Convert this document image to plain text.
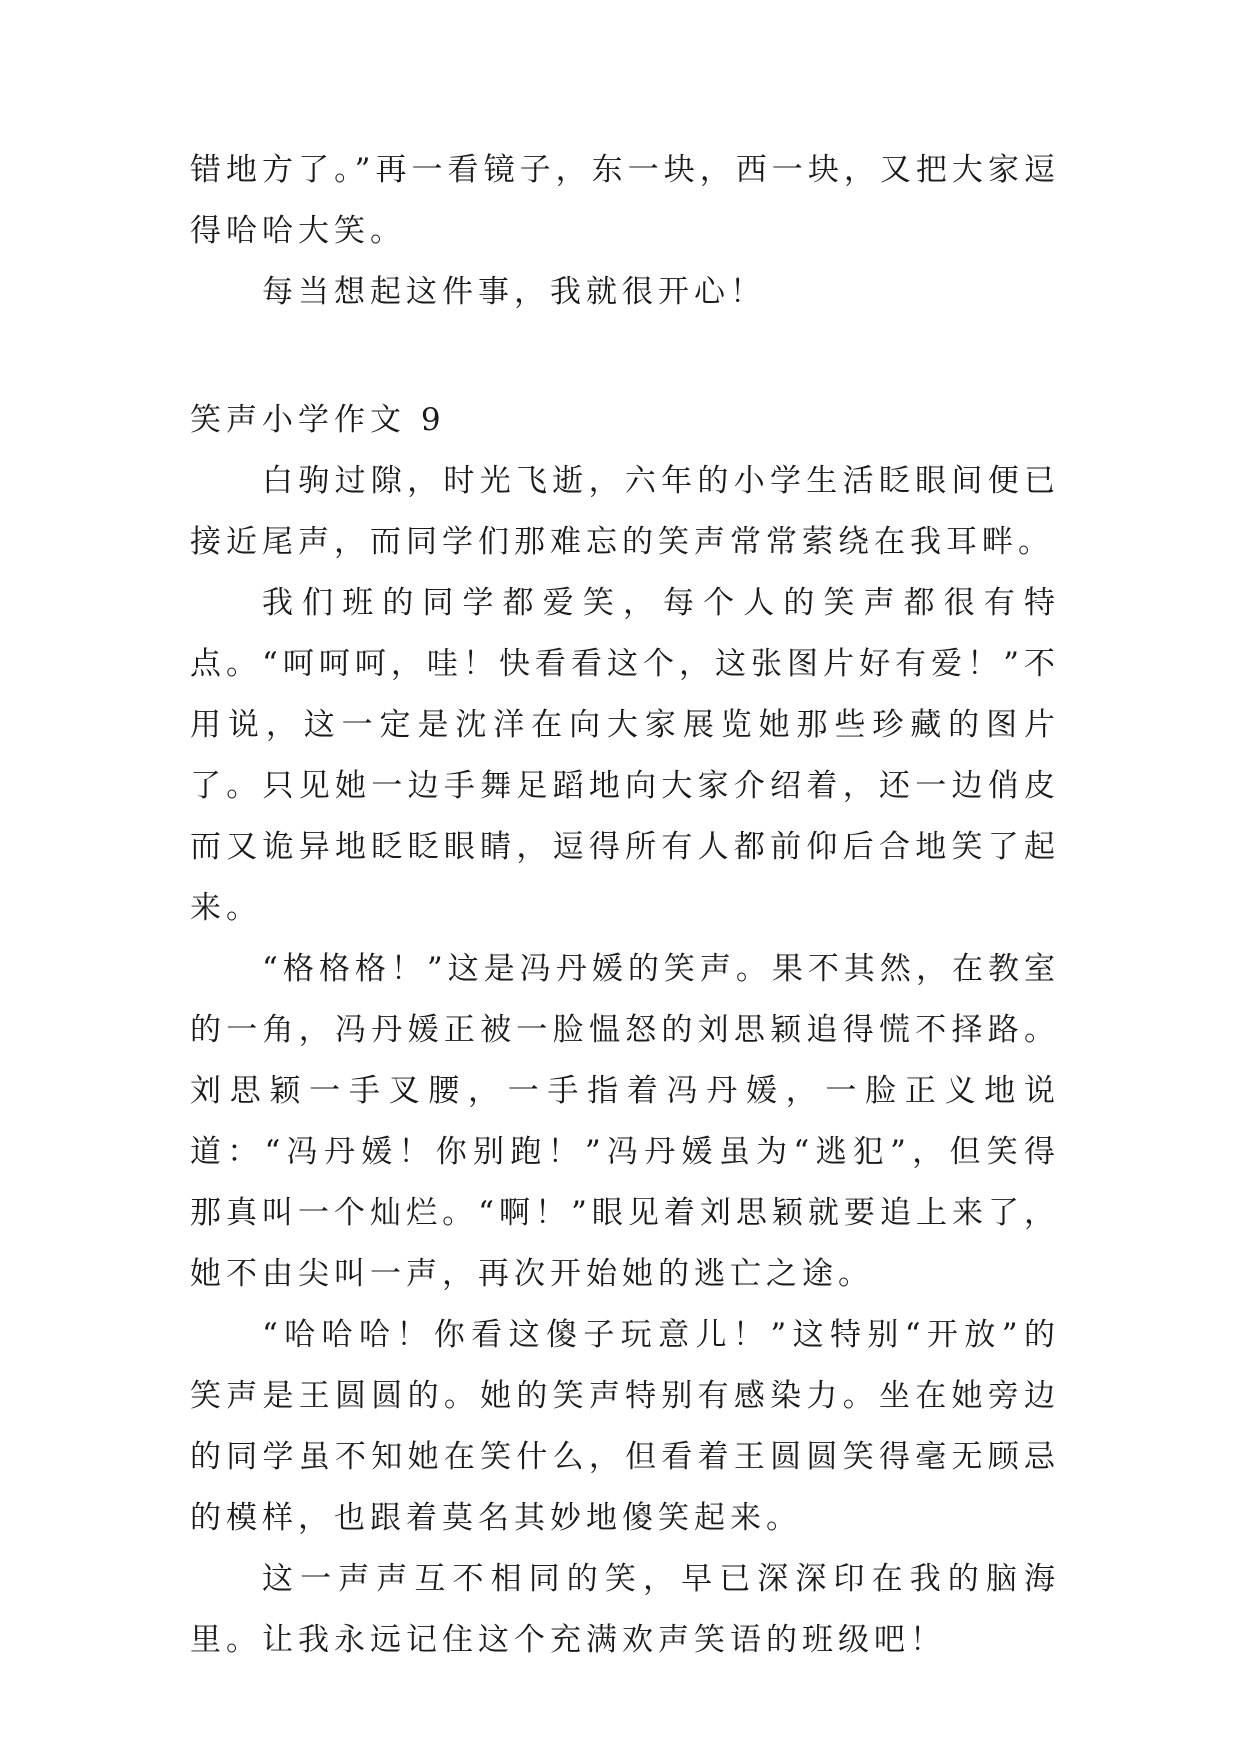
错地方了。”再一看镜子，东一块，西一块，又把大家逗得哈哈大笑。

每当想起这件事，我就很开心！

笑声小学作文 9

白驹过隙，时光飞逝，六年的小学生活眨眼间便已接近尾声，而同学们那难忘的笑声常常萦绕在我耳畔。

我们班的同学都爱笑，每个人的笑声都很有特点。“呵呵呵，哇！快看看这个，这张图片好有爱！”不用说，这一定是沈洋在向大家展览她那些珍藏的图片了。只见她一边手舞足蹈地向大家介绍着，还一边俏皮而又诡异地眨眨眼睛，逗得所有人都前仰后合地笑了起来。

“格格格！”这是冯丹媛的笑声。果不其然，在教室的一角，冯丹媛正被一脸愠怒的刘思颖追得慌不择路。刘思颖一手叉腰，一手指着冯丹媛，一脸正义地说道：“冯丹媛！你别跑！”冯丹媛虽为“逃犯”，但笑得那真叫一个灿烂。“啊！”眼见着刘思颖就要追上来了，她不由尖叫一声，再次开始她的逃亡之途。

“哈哈哈！你看这傻子玩意儿！”这特别“开放”的笑声是王圆圆的。她的笑声特别有感染力。坐在她旁边的同学虽不知她在笑什么，但看着王圆圆笑得毫无顾忌的模样，也跟着莫名其妙地傻笑起来。

这一声声互不相同的笑，早已深深印在我的脑海里。让我永远记住这个充满欢声笑语的班级吧！
